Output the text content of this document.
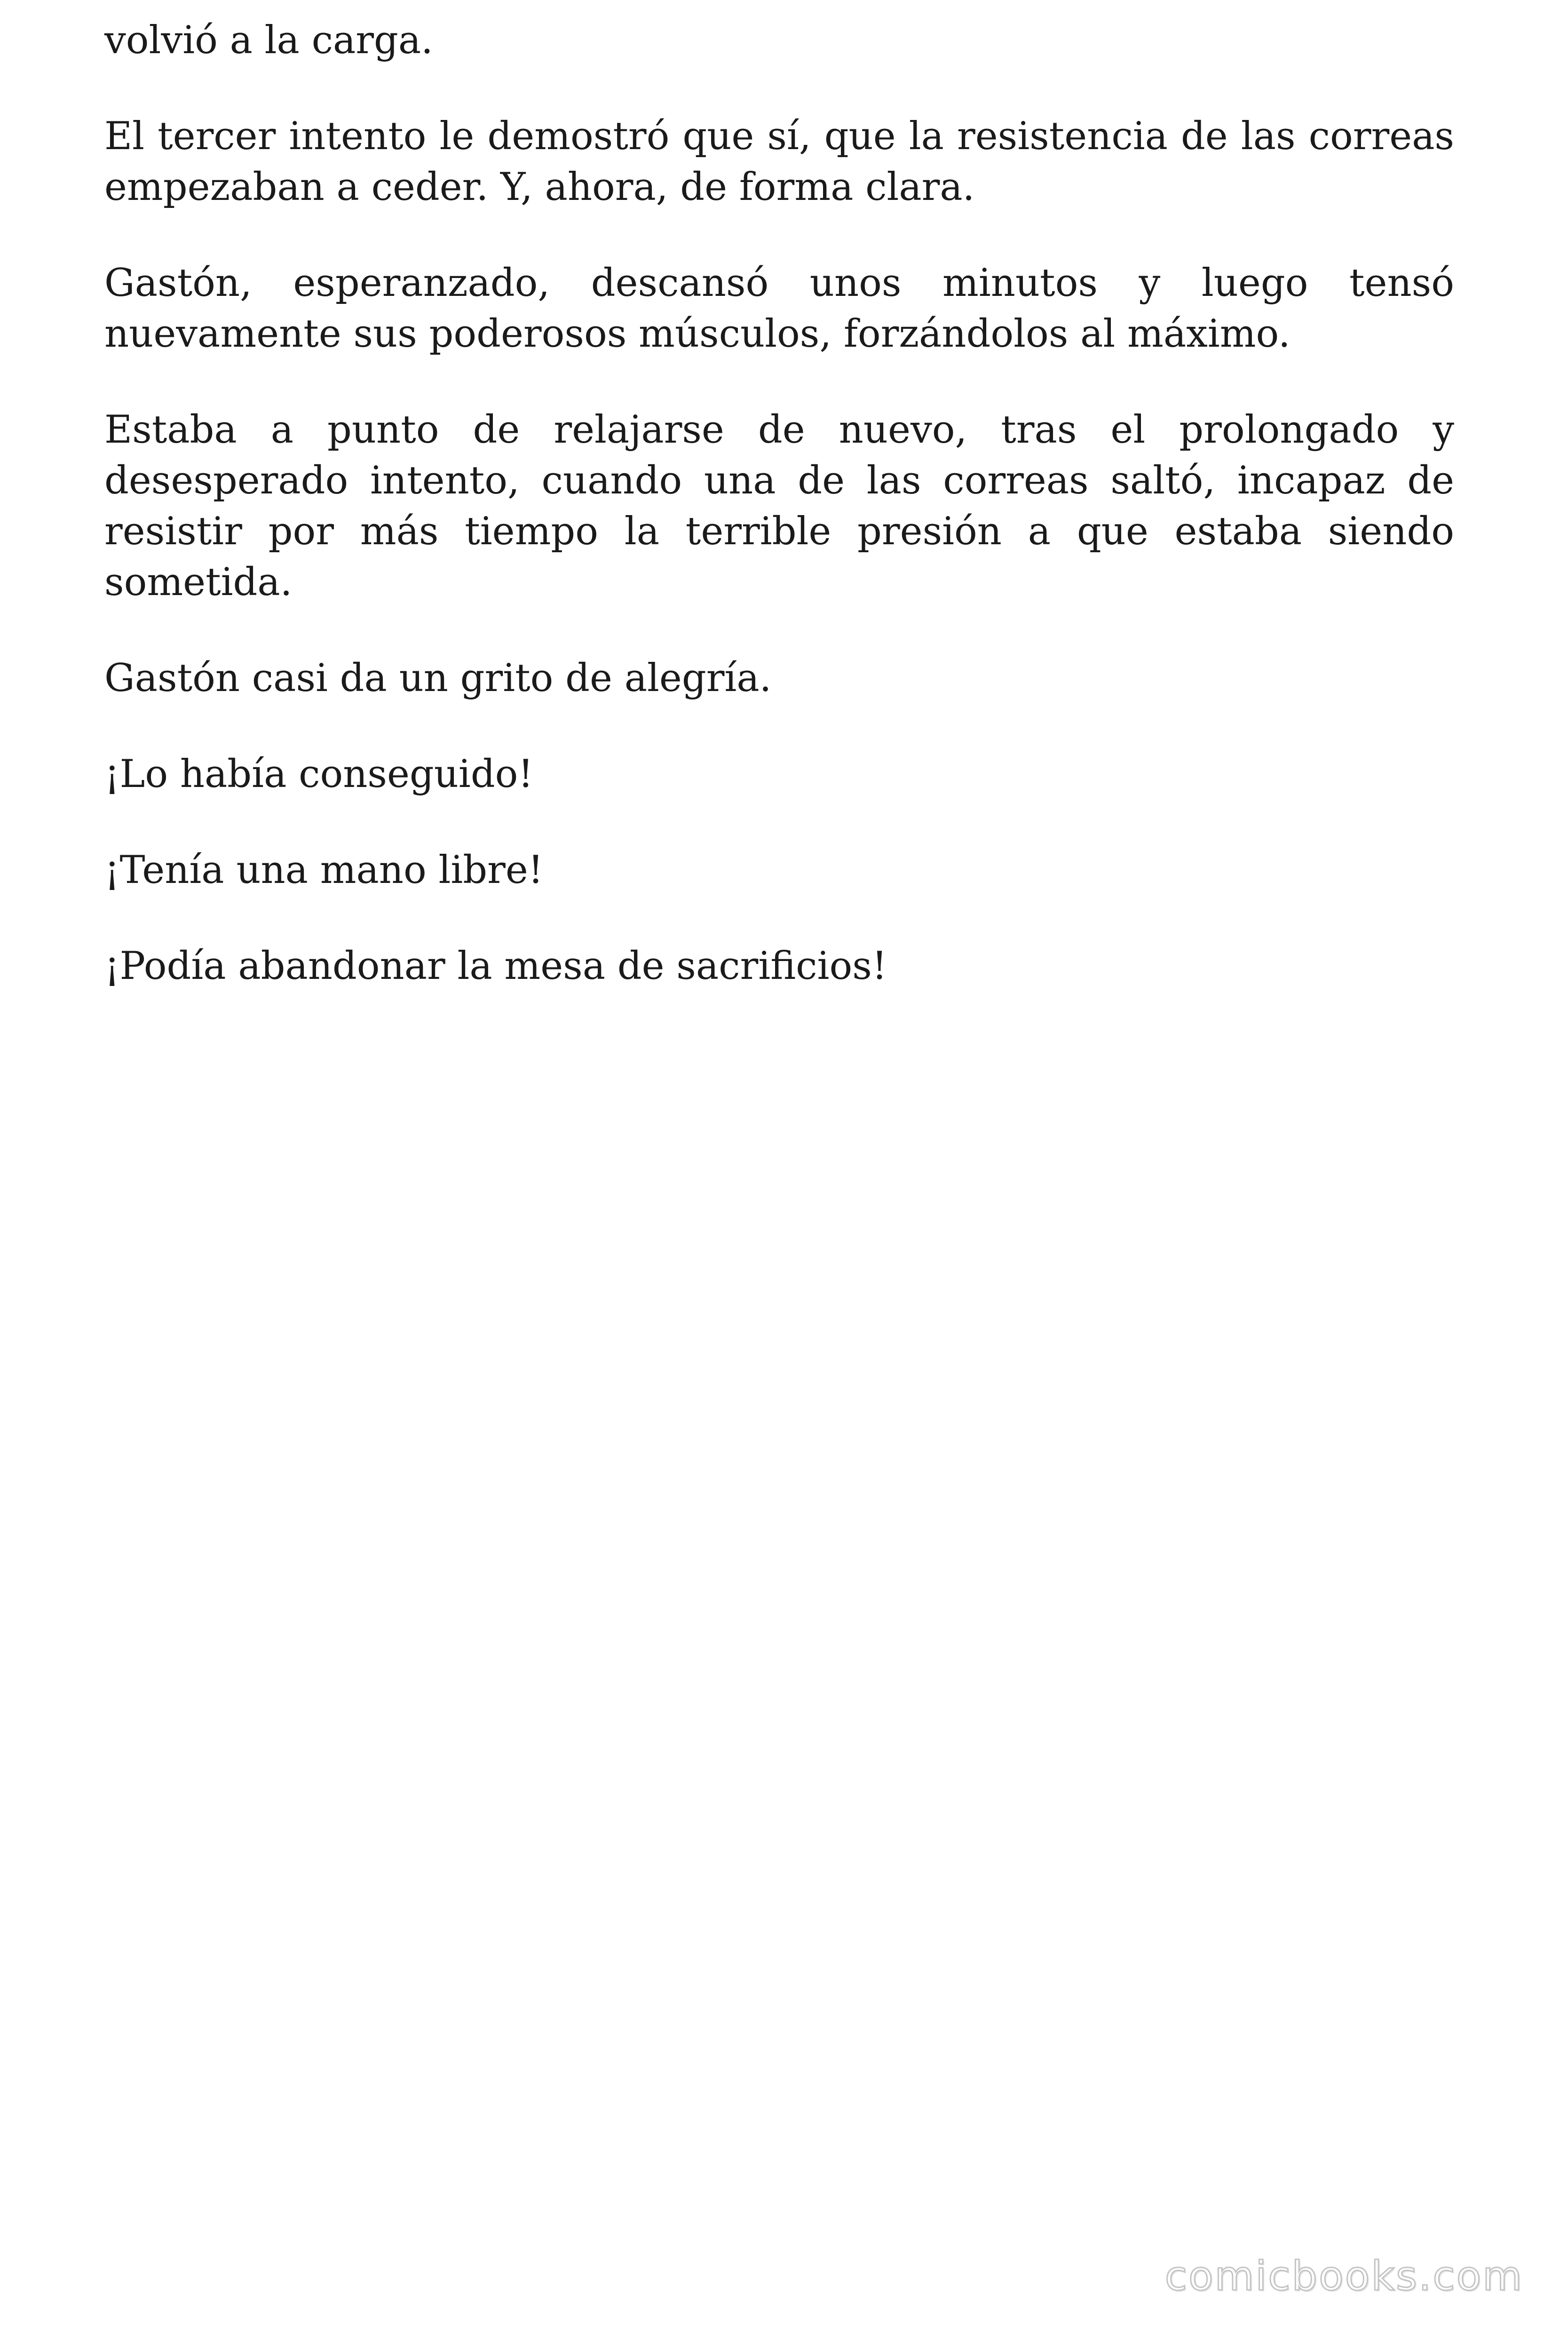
volvió a la carga.

El tercer intento le demostró que sí, que la resistencia de las correas empezaban a ceder. Y, ahora, de forma clara.

Gastón, esperanzado, descansó unos minutos y luego tensó nuevamente sus poderosos músculos, forzándolos al máximo.

Estaba a punto de relajarse de nuevo, tras el prolongado y desesperado intento, cuando una de las correas saltó, incapaz de resistir por más tiempo la terrible presión a que estaba siendo sometida.

Gastón casi da un grito de alegría.

¡Lo había conseguido!

¡Tenía una mano libre!

¡Podía abandonar la mesa de sacrificios!

comicbooks.com
